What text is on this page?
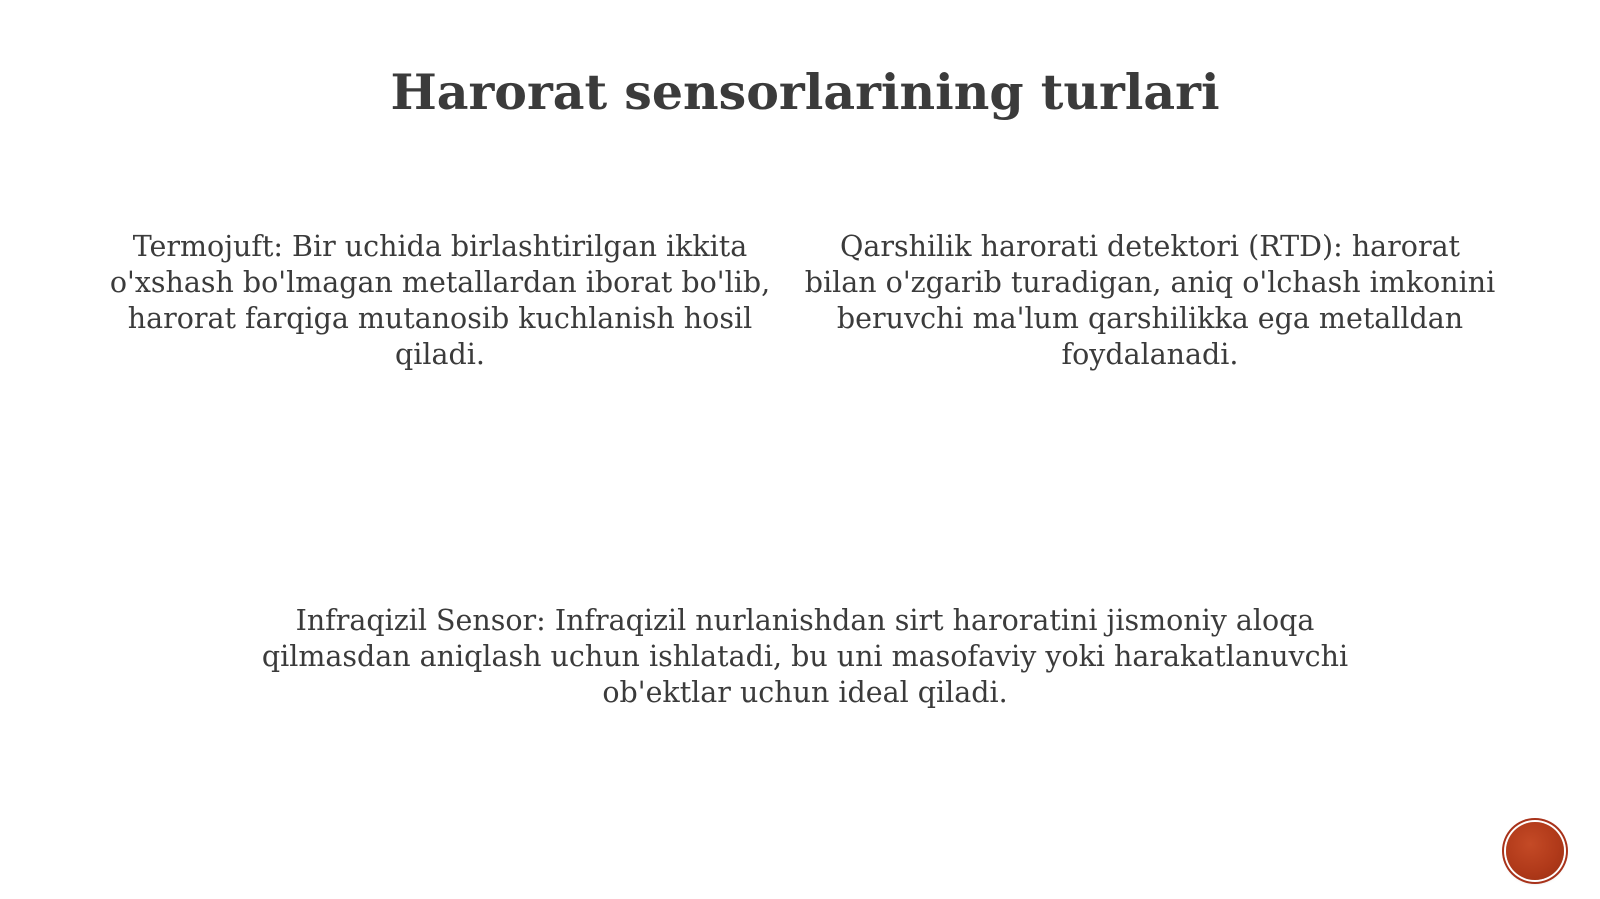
Harorat sensorlarining turlari

Termojuft: Bir uchida birlashtirilgan ikkita o'xshash bo'lmagan metallardan iborat bo'lib, harorat farqiga mutanosib kuchlanish hosil qiladi.

Qarshilik harorati detektori (RTD): harorat bilan o'zgarib turadigan, aniq o'lchash imkonini beruvchi ma'lum qarshilikka ega metalldan foydalanadi.

Infraqizil Sensor: Infraqizil nurlanishdan sirt haroratini jismoniy aloqa qilmasdan aniqlash uchun ishlatadi, bu uni masofaviy yoki harakatlanuvchi ob'ektlar uchun ideal qiladi.
